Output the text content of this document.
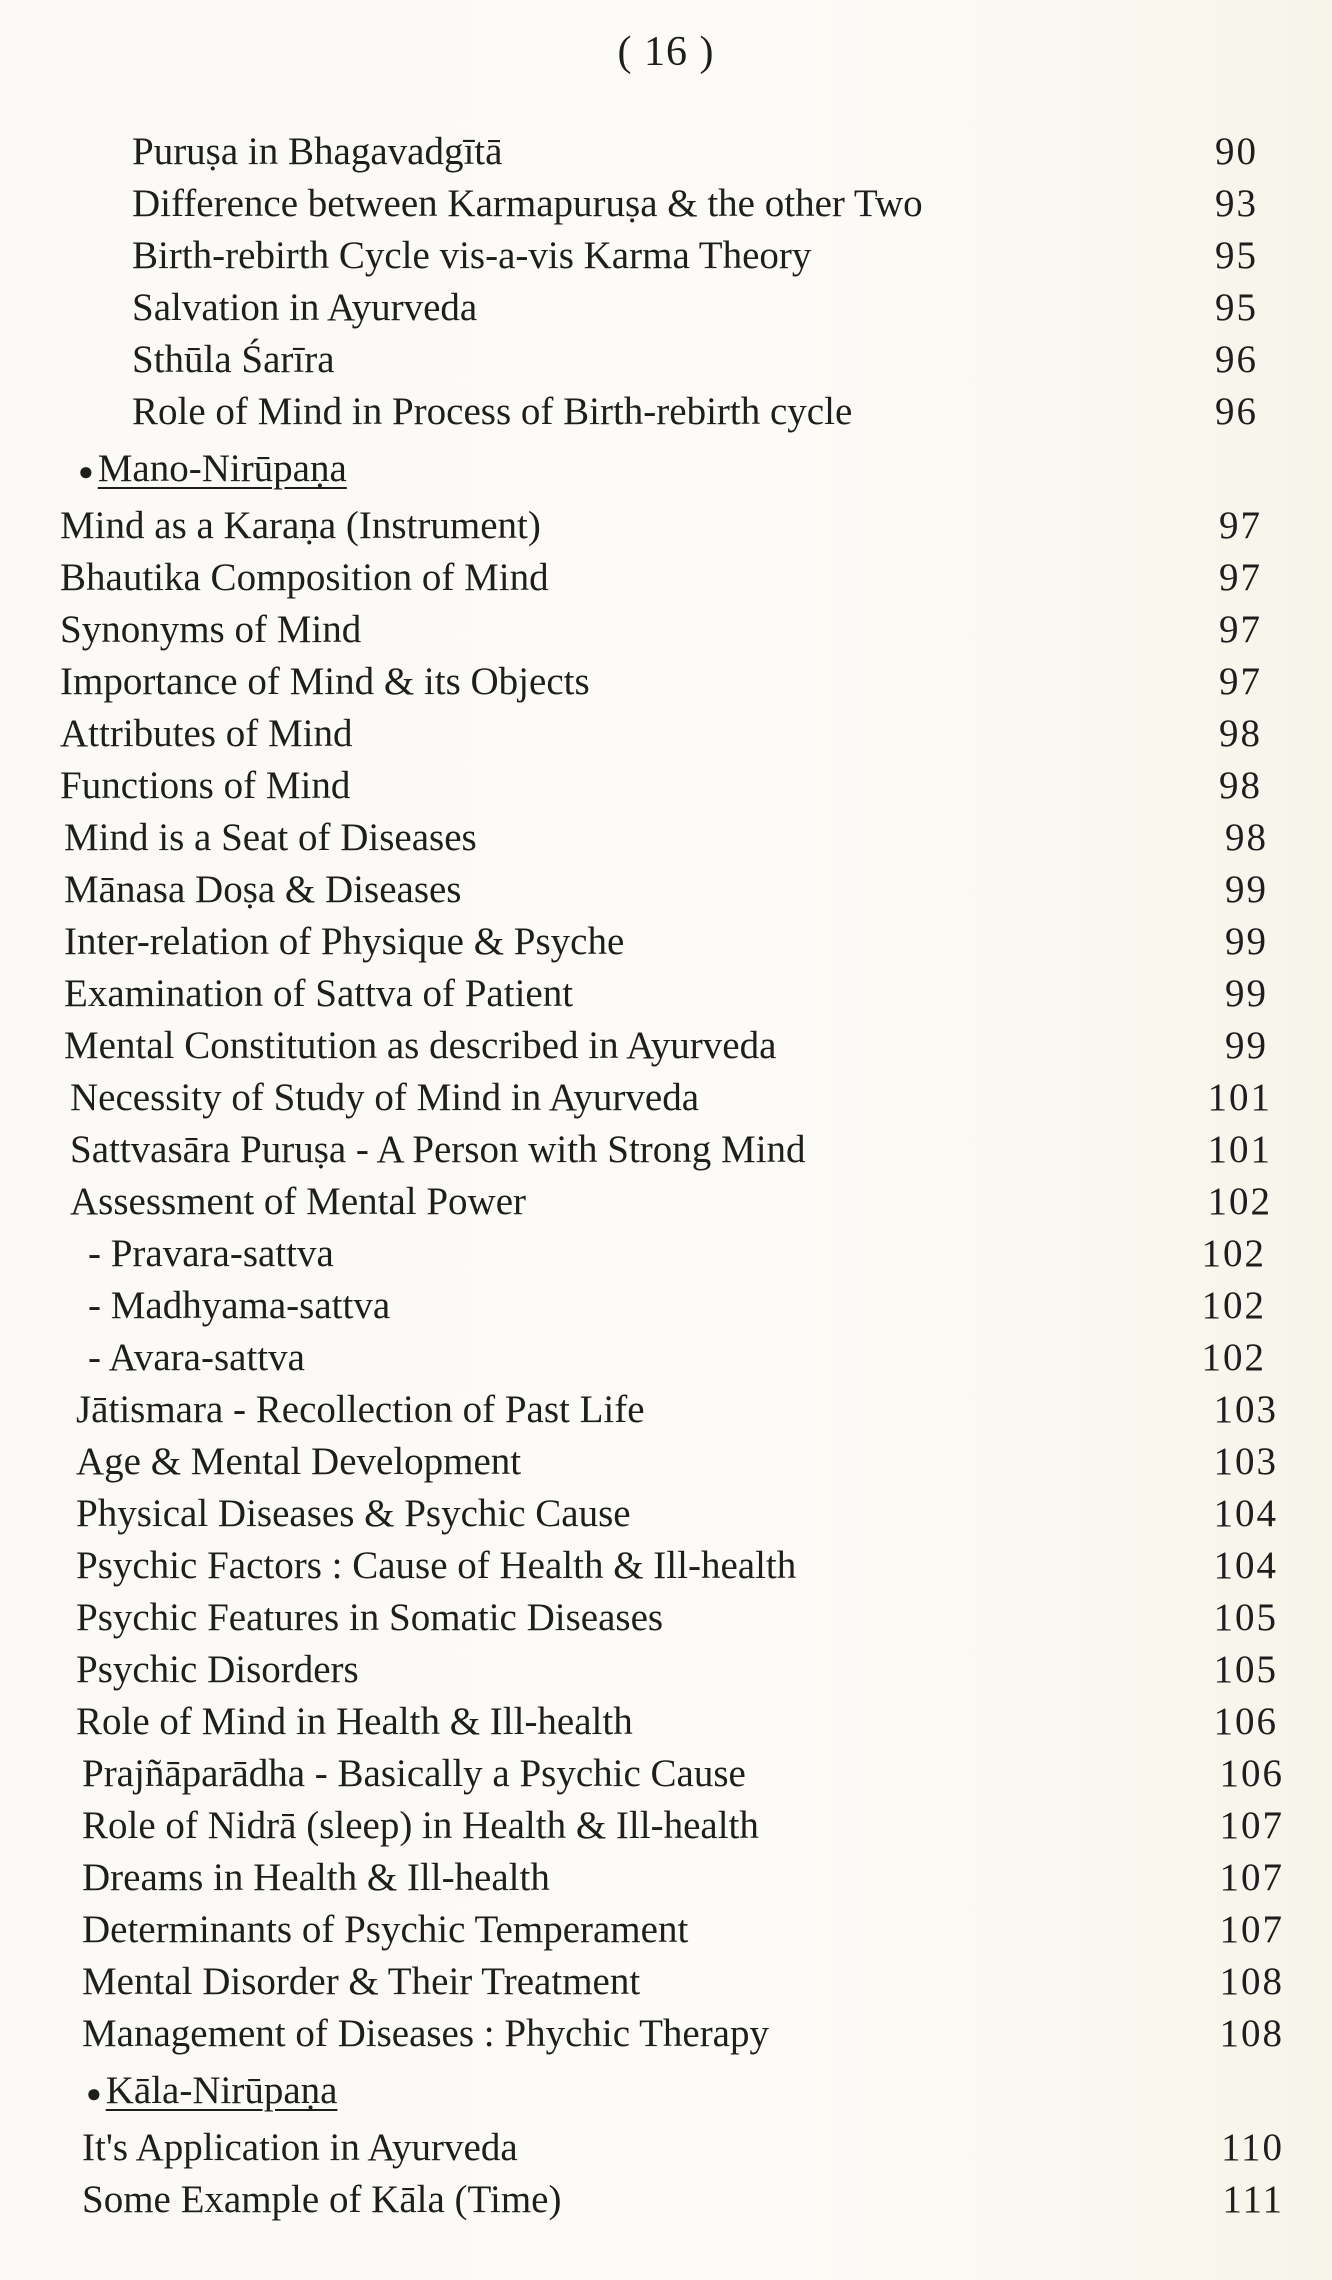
( 16 )
Puruṣa in Bhagavadgītā	90
Difference between Karmapuruṣa & the other Two	93
Birth-rebirth Cycle vis-a-vis Karma Theory	95
Salvation in Ayurveda	95
Sthūla Śarīra	96
Role of Mind in Process of Birth-rebirth cycle	96
● Mano-Nirūpaṇa
Mind as a Karaṇa (Instrument)	97
Bhautika Composition of Mind	97
Synonyms of Mind	97
Importance of Mind & its Objects	97
Attributes of Mind	98
Functions of Mind	98
Mind is a Seat of Diseases	98
Mānasa Doṣa & Diseases	99
Inter-relation of Physique & Psyche	99
Examination of Sattva of Patient	99
Mental Constitution as described in Ayurveda	99
Necessity of Study of Mind in Ayurveda	101
Sattvasāra Puruṣa - A Person with Strong Mind	101
Assessment of Mental Power	102
- Pravara-sattva	102
- Madhyama-sattva	102
- Avara-sattva	102
Jātismara - Recollection of Past Life	103
Age & Mental Development	103
Physical Diseases & Psychic Cause	104
Psychic Factors : Cause of Health & Ill-health	104
Psychic Features in Somatic Diseases	105
Psychic Disorders	105
Role of Mind in Health & Ill-health	106
Prajñāparādha - Basically a Psychic Cause	106
Role of Nidrā (sleep) in Health & Ill-health	107
Dreams in Health & Ill-health	107
Determinants of Psychic Temperament	107
Mental Disorder & Their Treatment	108
Management of Diseases : Phychic Therapy	108
● Kāla-Nirūpaṇa
It's Application in Ayurveda	110
Some Example of Kāla (Time)	111
